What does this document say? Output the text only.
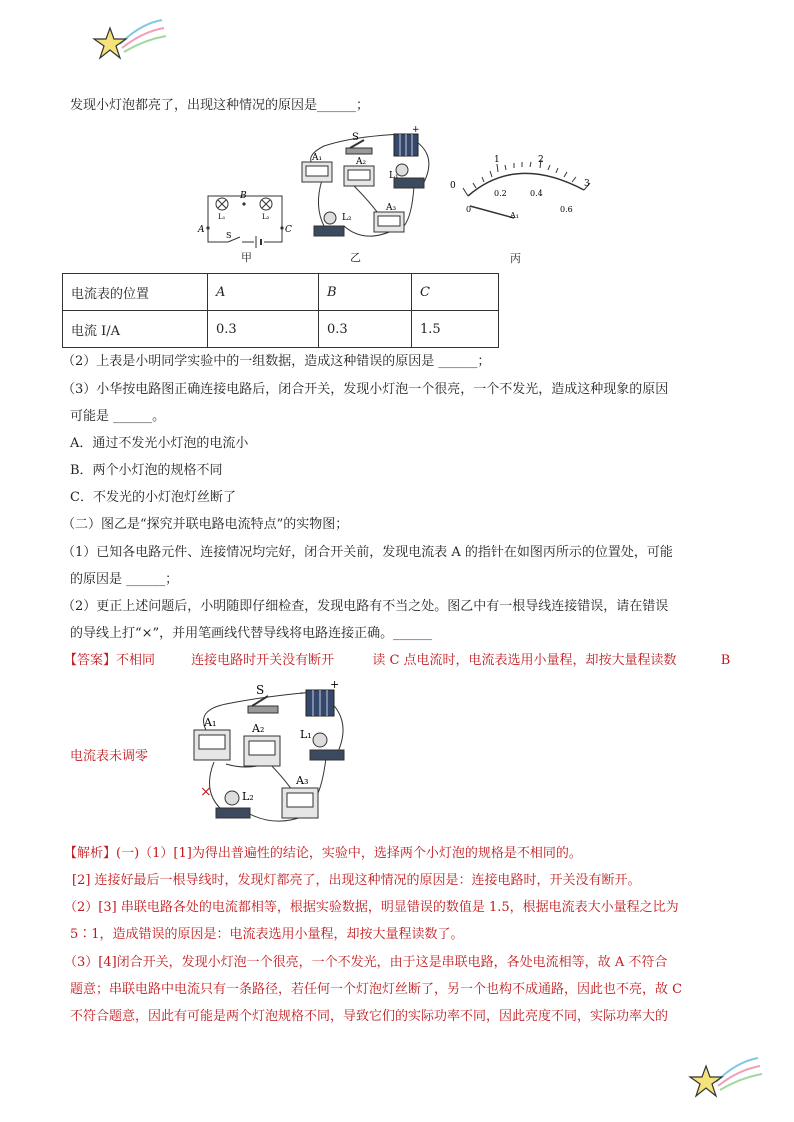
发现小灯泡都亮了，出现这种情况的原因是______；
B
L₁	L₂
A	C
S
甲
S
A₁	A₂
L₁
L₂
A₃
+
乙
0
1	2
3
0.2	0.4
0.6
0
A₁
丙
电流表的位置	A	B	C
电流 I/A	0.3	0.3	1.5
（2）上表是小明同学实验中的一组数据，造成这种错误的原因是 ______；
（3）小华按电路图正确连接电路后，闭合开关，发现小灯泡一个很亮，一个不发光，造成这种现象的原因
可能是 ______。
A．通过不发光小灯泡的电流小
B．两个小灯泡的规格不同
C．不发光的小灯泡灯丝断了
（二）图乙是“探究并联电路电流特点”的实物图；
（1）已知各电路元件、连接情况均完好，闭合开关前，发现电流表 A 的指针在如图丙所示的位置处，可能
的原因是 ______；
（2）更正上述问题后，小明随即仔细检查，发现电路有不当之处。图乙中有一根导线连接错误，请在错误
的导线上打“×”，并用笔画线代替导线将电路连接正确。______
【答案】不相同	连接电路时开关没有断开	读 C 点电流时，电流表选用小量程，却按大量程读数	B
S
A₁	A₂	L₁
L₂
A₃
+
-
×
电流表未调零
【解析】(一)（1）[1]为得出普遍性的结论，实验中，选择两个小灯泡的规格是不相同的。
[2] 连接好最后一根导线时，发现灯都亮了，出现这种情况的原因是：连接电路时，开关没有断开。
（2）[3] 串联电路各处的电流都相等，根据实验数据，明显错误的数值是 1.5，根据电流表大小量程之比为
5∶1，造成错误的原因是：电流表选用小量程，却按大量程读数了。
（3）[4]闭合开关，发现小灯泡一个很亮，一个不发光，由于这是串联电路，各处电流相等，故 A 不符合
题意；串联电路中电流只有一条路径，若任何一个灯泡灯丝断了，另一个也构不成通路，因此也不亮，故 C
不符合题意，因此有可能是两个灯泡规格不同，导致它们的实际功率不同，因此亮度不同，实际功率大的
